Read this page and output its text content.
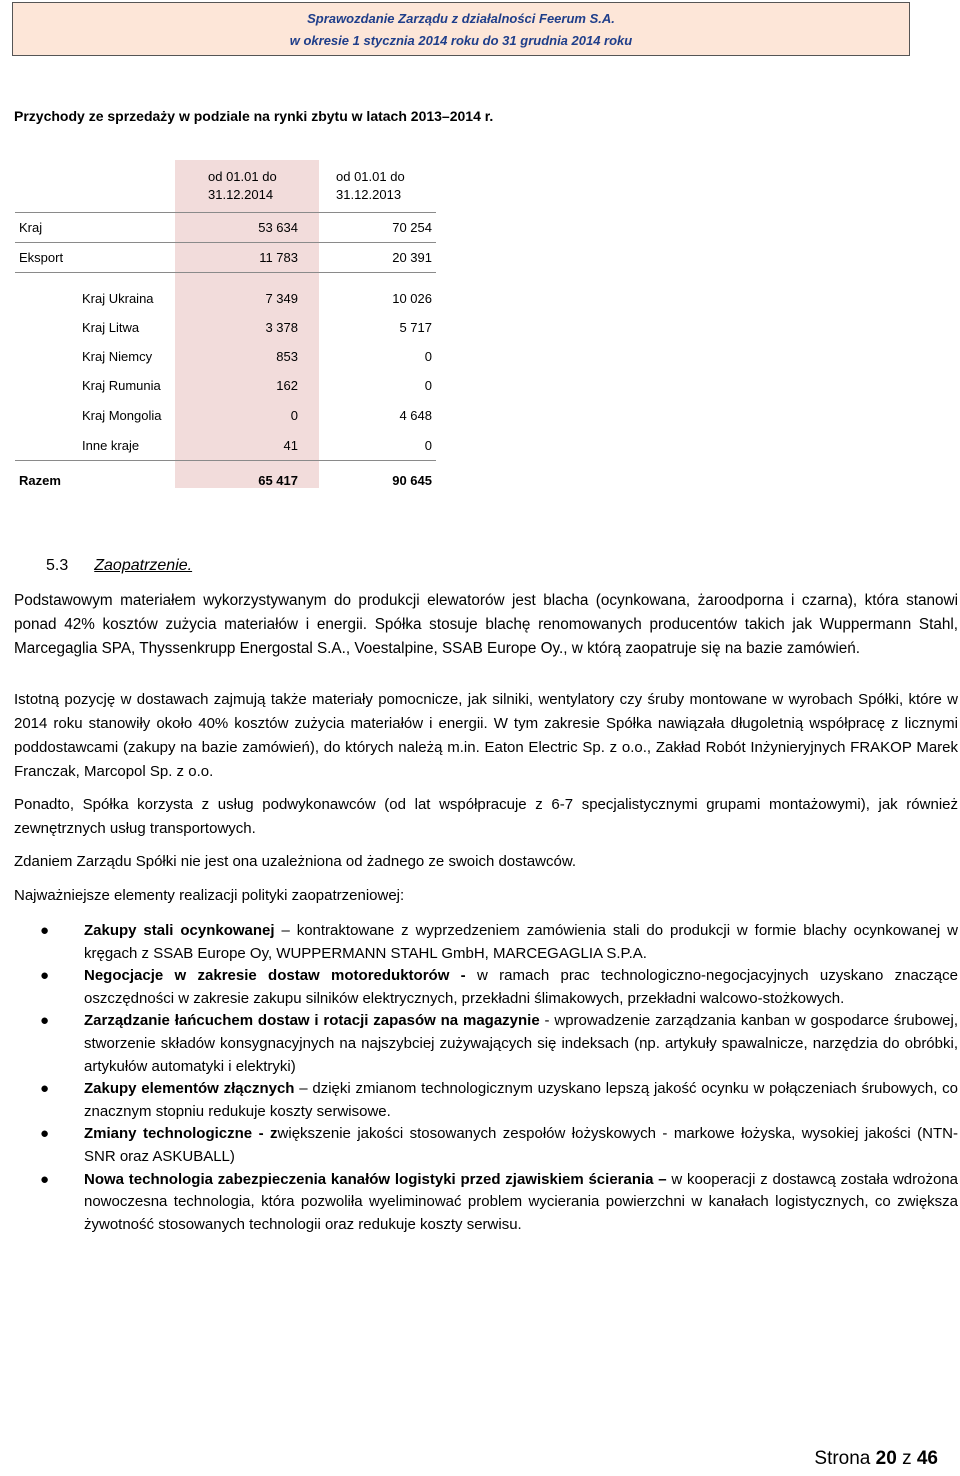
Sprawozdanie Zarządu z działalności Feerum S.A.
w okresie 1 stycznia 2014 roku do 31 grudnia 2014 roku
Przychody ze sprzedaży w podziale na rynki zbytu w latach 2013–2014 r.
od 01.01 do
31.12.2014
od 01.01 do
31.12.2013
Kraj	53 634	70 254
Eksport	11 783	20 391
Kraj Ukraina	7 349	10 026
Kraj Litwa	3 378	5 717
Kraj Niemcy	853	0
Kraj Rumunia	162	0
Kraj Mongolia	0	4 648
Inne kraje	41	0
Razem	65 417	90 645
5.3 Zaopatrzenie.

Podstawowym materiałem wykorzystywanym do produkcji elewatorów jest blacha (ocynkowana, żaroodporna i czarna), która stanowi ponad 42% kosztów zużycia materiałów i energii. Spółka stosuje blachę renomowanych producentów takich jak Wuppermann Stahl, Marcegaglia SPA, Thyssenkrupp Energostal S.A., Voestalpine, SSAB Europe Oy., w którą zaopatruje się na bazie zamówień.

Istotną pozycję w dostawach zajmują także materiały pomocnicze, jak silniki, wentylatory czy śruby montowane w wyrobach Spółki, które w 2014 roku stanowiły około 40% kosztów zużycia materiałów i energii. W tym zakresie Spółka nawiązała długoletnią współpracę z licznymi poddostawcami (zakupy na bazie zamówień), do których należą m.in. Eaton Electric Sp. z o.o., Zakład Robót Inżynieryjnych FRAKOP Marek Franczak, Marcopol Sp. z o.o.

Ponadto, Spółka korzysta z usług podwykonawców (od lat współpracuje z 6-7 specjalistycznymi grupami montażowymi), jak również zewnętrznych usług transportowych.

Zdaniem Zarządu Spółki nie jest ona uzależniona od żadnego ze swoich dostawców.

Najważniejsze elementy realizacji polityki zaopatrzeniowej:

● Zakupy stali ocynkowanej – kontraktowane z wyprzedzeniem zamówienia stali do produkcji w formie blachy ocynkowanej w kręgach z SSAB Europe Oy, WUPPERMANN STAHL GmbH, MARCEGAGLIA S.P.A.
● Negocjacje w zakresie dostaw motoreduktorów - w ramach prac technologiczno-negocjacyjnych uzyskano znaczące oszczędności w zakresie zakupu silników elektrycznych, przekładni ślimakowych, przekładni walcowo-stożkowych.
● Zarządzanie łańcuchem dostaw i rotacji zapasów na magazynie - wprowadzenie zarządzania kanban w gospodarce śrubowej, stworzenie składów konsygnacyjnych na najszybciej zużywających się indeksach (np. artykuły spawalnicze, narzędzia do obróbki, artykułów automatyki i elektryki)
● Zakupy elementów złącznych – dzięki zmianom technologicznym uzyskano lepszą jakość ocynku w połączeniach śrubowych, co znacznym stopniu redukuje koszty serwisowe.
● Zmiany technologiczne - zwiększenie jakości stosowanych zespołów łożyskowych - markowe łożyska, wysokiej jakości (NTN-SNR oraz ASKUBALL)
● Nowa technologia zabezpieczenia kanałów logistyki przed zjawiskiem ścierania – w kooperacji z dostawcą została wdrożona nowoczesna technologia, która pozwoliła wyeliminować problem wycierania powierzchni w kanałach logistycznych, co zwiększa żywotność stosowanych technologii oraz redukuje koszty serwisu.
Strona 20 z 46
